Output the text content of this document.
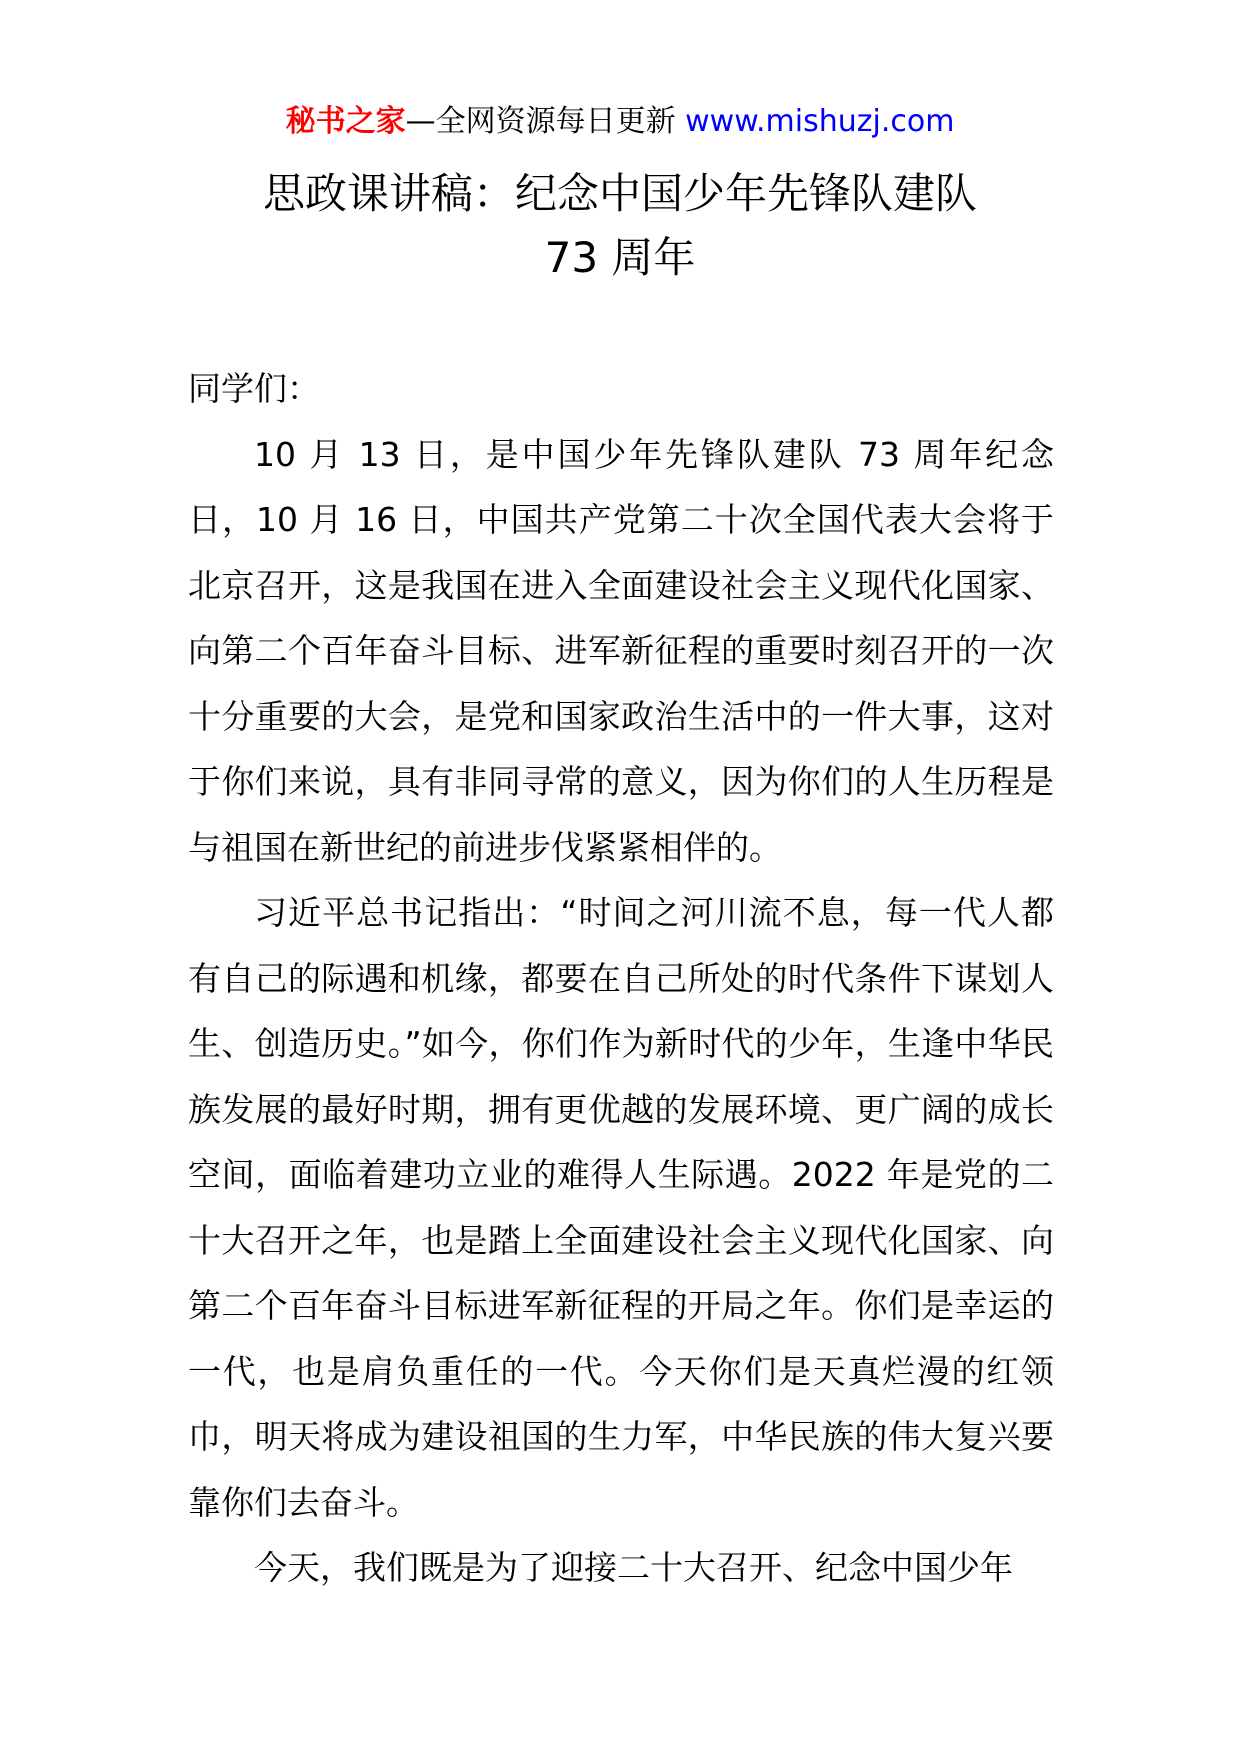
秘书之家—全网资源每日更新 www.mishuzj.com
思政课讲稿：纪念中国少年先锋队建队
73 周年

同学们：

10 月 13 日，是中国少年先锋队建队 73 周年纪念日，10 月 16 日，中国共产党第二十次全国代表大会将于北京召开，这是我国在进入全面建设社会主义现代化国家、向第二个百年奋斗目标、进军新征程的重要时刻召开的一次十分重要的大会，是党和国家政治生活中的一件大事，这对于你们来说，具有非同寻常的意义，因为你们的人生历程是与祖国在新世纪的前进步伐紧紧相伴的。

习近平总书记指出：“时间之河川流不息，每一代人都有自己的际遇和机缘，都要在自己所处的时代条件下谋划人生、创造历史。”如今，你们作为新时代的少年，生逢中华民族发展的最好时期，拥有更优越的发展环境、更广阔的成长空间，面临着建功立业的难得人生际遇。2022 年是党的二十大召开之年，也是踏上全面建设社会主义现代化国家、向第二个百年奋斗目标进军新征程的开局之年。你们是幸运的一代，也是肩负重任的一代。今天你们是天真烂漫的红领巾，明天将成为建设祖国的生力军，中华民族的伟大复兴要靠你们去奋斗。

今天，我们既是为了迎接二十大召开、纪念中国少年
